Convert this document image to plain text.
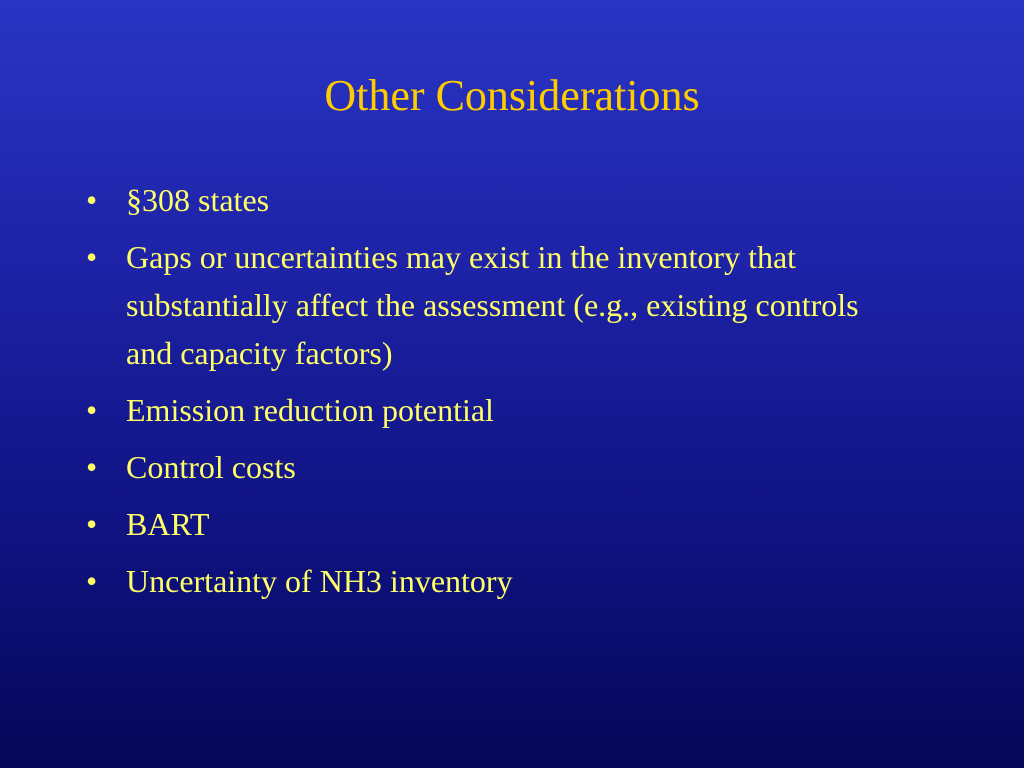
Other Considerations
• §308 states
• Gaps or uncertainties may exist in the inventory that substantially affect the assessment (e.g., existing controls and capacity factors)
• Emission reduction potential
• Control costs
• BART
• Uncertainty of NH3 inventory
